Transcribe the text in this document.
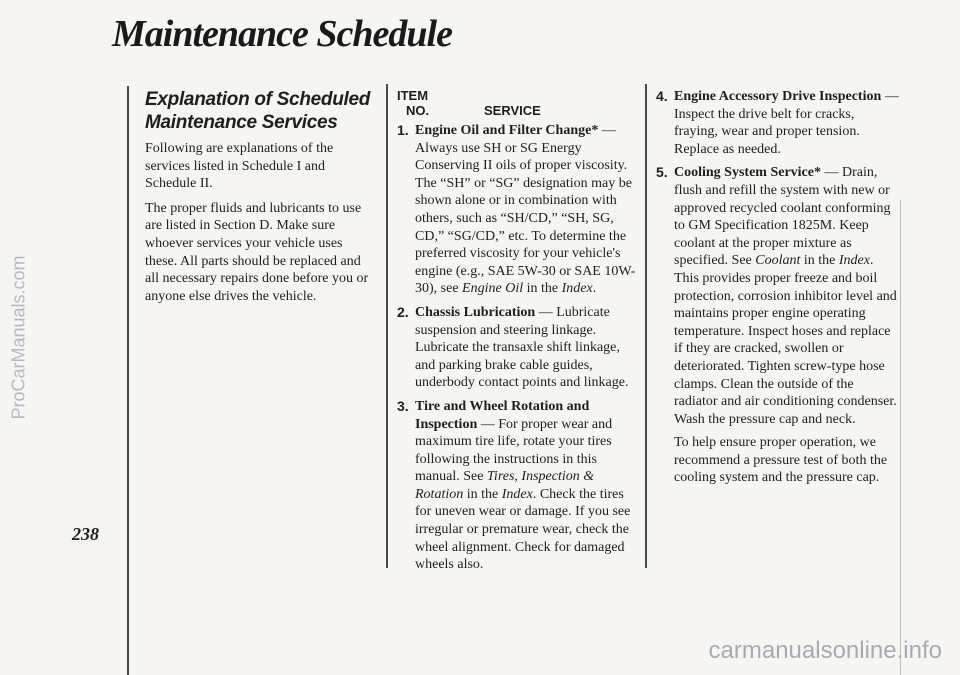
Maintenance Schedule
ProCarManuals.com
238
Explanation of Scheduled
Maintenance Services

Following are explanations of the services listed in Schedule I and Schedule II.

The proper fluids and lubricants to use are listed in Section D. Make sure whoever services your vehicle uses these. All parts should be replaced and all necessary repairs done before you or anyone else drives the vehicle.

ITEM
NO.	SERVICE
1. Engine Oil and Filter Change* — Always use SH or SG Energy Conserving II oils of proper viscosity. The “SH” or “SG” designation may be shown alone or in combination with others, such as “SH/CD,” “SH, SG, CD,” “SG/CD,” etc. To determine the preferred viscosity for your vehicle's engine (e.g., SAE 5W-30 or SAE 10W-30), see Engine Oil in the Index.
2. Chassis Lubrication — Lubricate suspension and steering linkage. Lubricate the transaxle shift linkage, and parking brake cable guides, underbody contact points and linkage.
3. Tire and Wheel Rotation and Inspection — For proper wear and maximum tire life, rotate your tires following the instructions in this manual. See Tires, Inspection & Rotation in the Index. Check the tires for uneven wear or damage. If you see irregular or premature wear, check the wheel alignment. Check for damaged wheels also.
4. Engine Accessory Drive Inspection — Inspect the drive belt for cracks, fraying, wear and proper tension. Replace as needed.
5. Cooling System Service* — Drain, flush and refill the system with new or approved recycled coolant conforming to GM Specification 1825M. Keep coolant at the proper mixture as specified. See Coolant in the Index. This provides proper freeze and boil protection, corrosion inhibitor level and maintains proper engine operating temperature. Inspect hoses and replace if they are cracked, swollen or deteriorated. Tighten screw-type hose clamps. Clean the outside of the radiator and air conditioning condenser. Wash the pressure cap and neck.

To help ensure proper operation, we recommend a pressure test of both the cooling system and the pressure cap.

carmanualsonline.info
